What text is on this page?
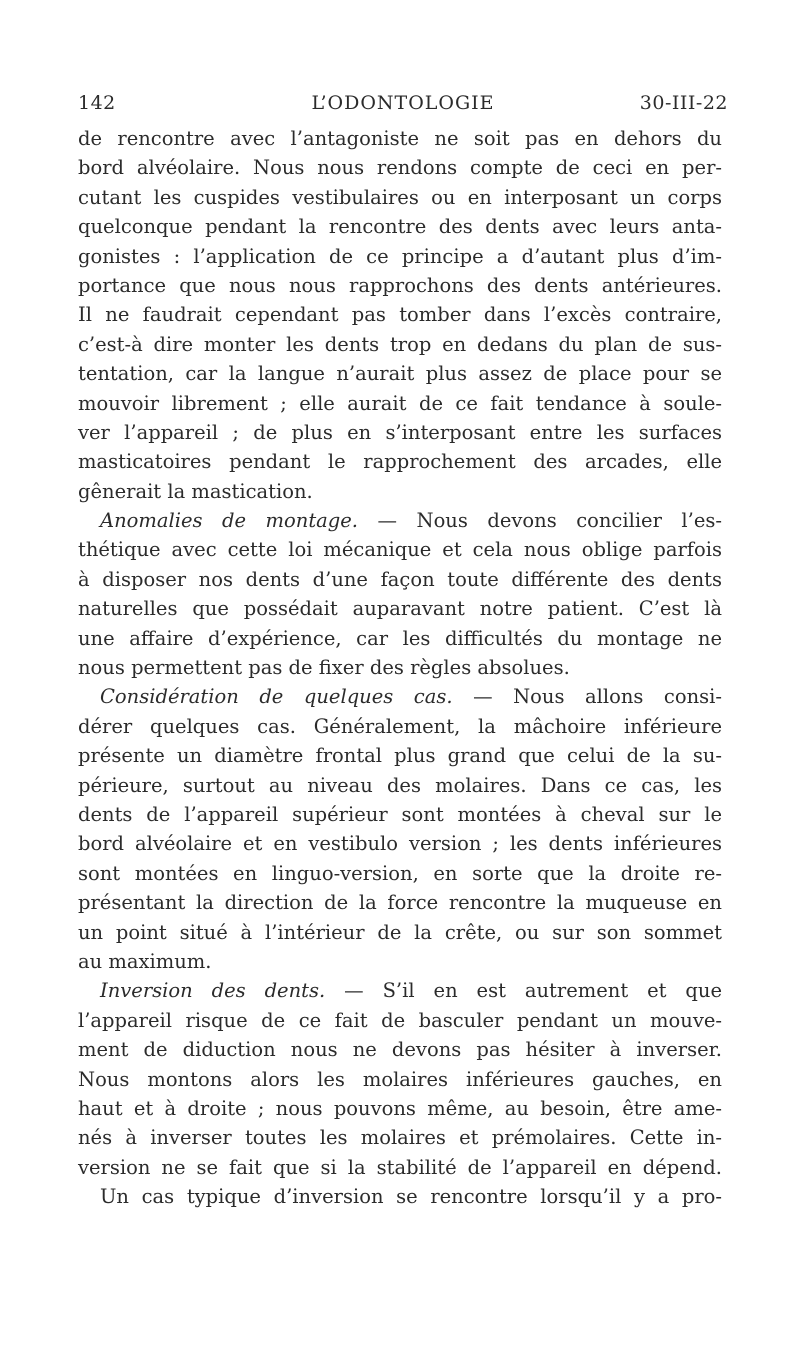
142	L’ODONTOLOGIE	30-III-22
de rencontre avec l’antagoniste ne soit pas en dehors du
bord alvéolaire. Nous nous rendons compte de ceci en per-
cutant les cuspides vestibulaires ou en interposant un corps
quelconque pendant la rencontre des dents avec leurs anta-
gonistes : l’application de ce principe a d’autant plus d’im-
portance que nous nous rapprochons des dents antérieures.
Il ne faudrait cependant pas tomber dans l’excès contraire,
c’est-à dire monter les dents trop en dedans du plan de sus-
tentation, car la langue n’aurait plus assez de place pour se
mouvoir librement ; elle aurait de ce fait tendance à soule-
ver l’appareil ; de plus en s’interposant entre les surfaces
masticatoires pendant le rapprochement des arcades, elle
gênerait la mastication.
Anomalies de montage. — Nous devons concilier l’es-
thétique avec cette loi mécanique et cela nous oblige parfois
à disposer nos dents d’une façon toute différente des dents
naturelles que possédait auparavant notre patient. C’est là
une affaire d’expérience, car les difficultés du montage ne
nous permettent pas de fixer des règles absolues.
Considération de quelques cas. — Nous allons consi-
dérer quelques cas. Généralement, la mâchoire inférieure
présente un diamètre frontal plus grand que celui de la su-
périeure, surtout au niveau des molaires. Dans ce cas, les
dents de l’appareil supérieur sont montées à cheval sur le
bord alvéolaire et en vestibulo version ; les dents inférieures
sont montées en linguo-version, en sorte que la droite re-
présentant la direction de la force rencontre la muqueuse en
un point situé à l’intérieur de la crête, ou sur son sommet
au maximum.
Inversion des dents. — S’il en est autrement et que
l’appareil risque de ce fait de basculer pendant un mouve-
ment de diduction nous ne devons pas hésiter à inverser.
Nous montons alors les molaires inférieures gauches, en
haut et à droite ; nous pouvons même, au besoin, être ame-
nés à inverser toutes les molaires et prémolaires. Cette in-
version ne se fait que si la stabilité de l’appareil en dépend.
Un cas typique d’inversion se rencontre lorsqu’il y a pro-
